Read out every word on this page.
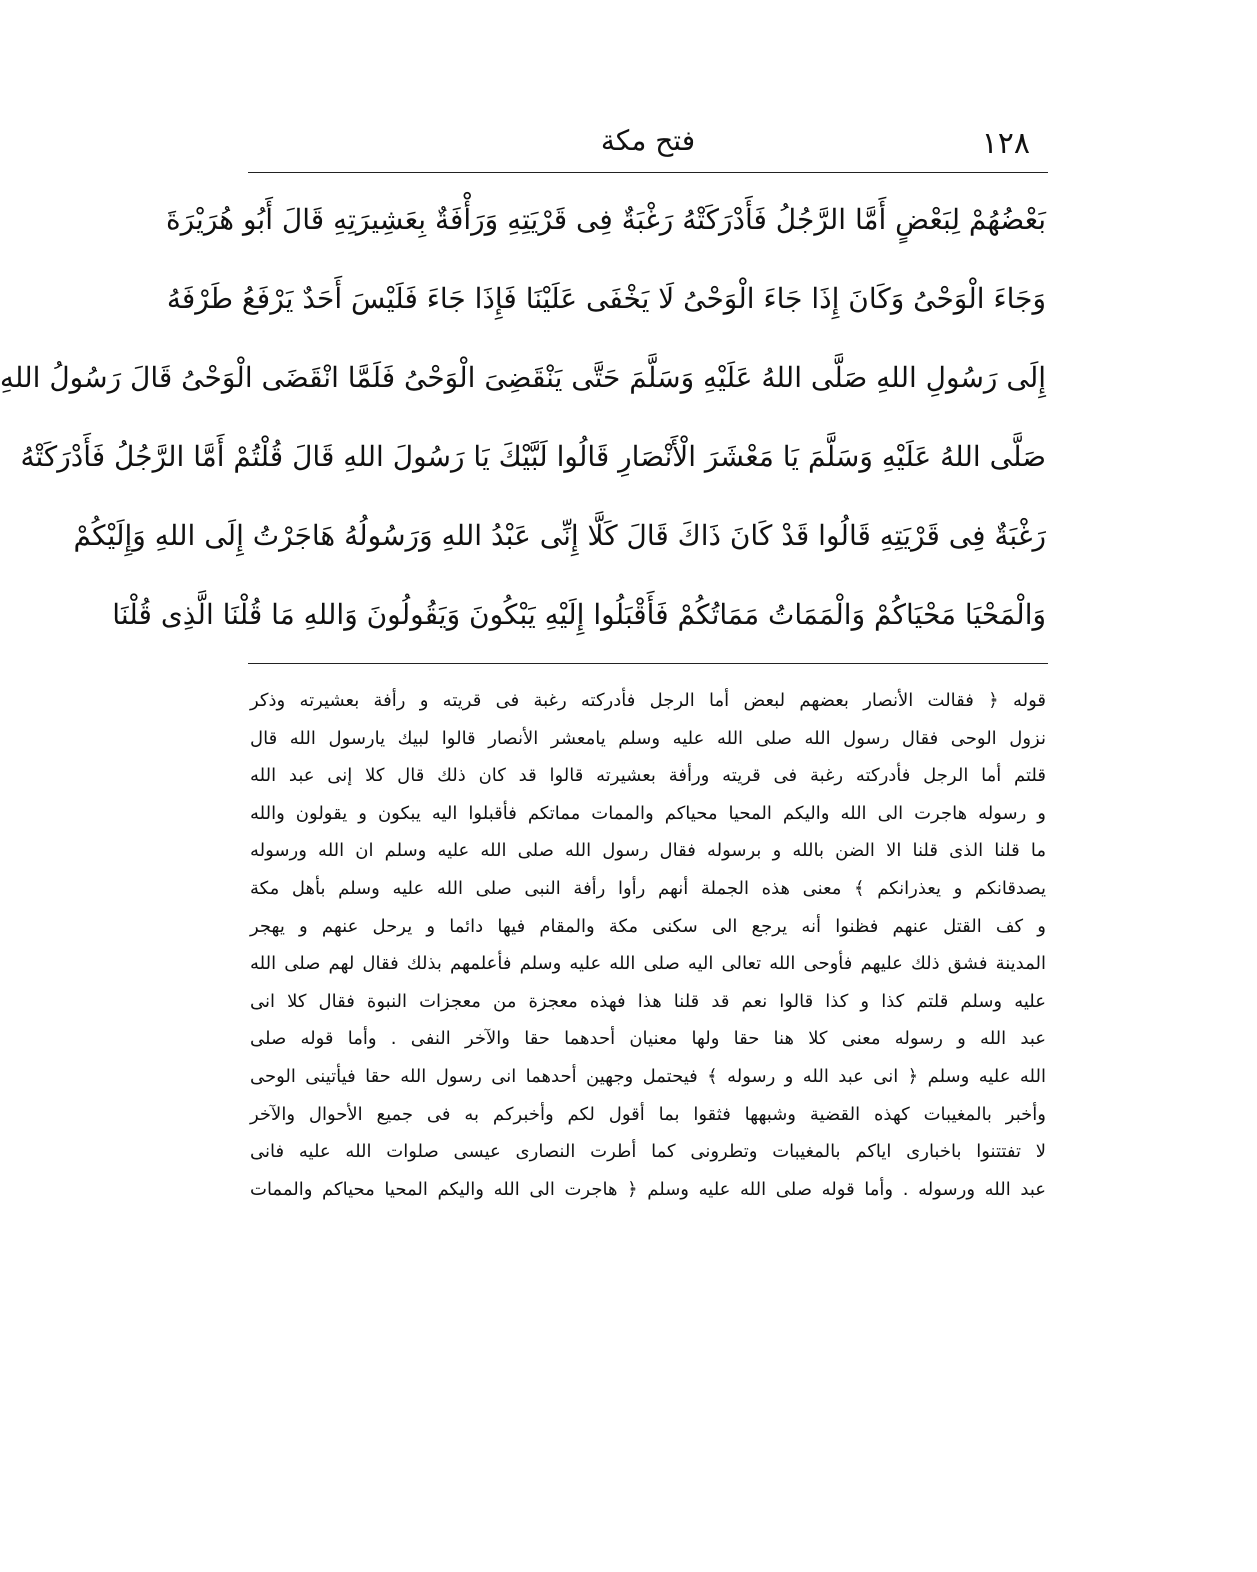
١٢٨
فتح مكة
بَعْضُهُمْ لِبَعْضٍ أَمَّا الرَّجُلُ فَأَدْرَكَتْهُ رَغْبَةٌ فِى قَرْيَتِهِ وَرَأْفَةٌ بِعَشِيرَتِهِ قَالَ أَبُو هُرَيْرَةَ
وَجَاءَ الْوَحْىُ وَكَانَ إِذَا جَاءَ الْوَحْىُ لَا يَخْفَى عَلَيْنَا فَإِذَا جَاءَ فَلَيْسَ أَحَدٌ يَرْفَعُ طَرْفَهُ
إِلَى رَسُولِ اللهِ صَلَّى اللهُ عَلَيْهِ وَسَلَّمَ حَتَّى يَنْقَضِىَ الْوَحْىُ فَلَمَّا انْقَضَى الْوَحْىُ قَالَ رَسُولُ اللهِ
صَلَّى اللهُ عَلَيْهِ وَسَلَّمَ يَا مَعْشَرَ الْأَنْصَارِ قَالُوا لَبَّيْكَ يَا رَسُولَ اللهِ قَالَ قُلْتُمْ أَمَّا الرَّجُلُ فَأَدْرَكَتْهُ
رَغْبَةٌ فِى قَرْيَتِهِ قَالُوا قَدْ كَانَ ذَاكَ قَالَ كَلَّا إِنِّى عَبْدُ اللهِ وَرَسُولُهُ هَاجَرْتُ إِلَى اللهِ وَإِلَيْكُمْ
وَالْمَحْيَا مَحْيَاكُمْ وَالْمَمَاتُ مَمَاتُكُمْ فَأَقْبَلُوا إِلَيْهِ يَبْكُونَ وَيَقُولُونَ وَاللهِ مَا قُلْنَا الَّذِى قُلْنَا
قوله ﴿ فقالت الأنصار بعضهم لبعض أما الرجل فأدركته رغبة فى قريته و رأفة بعشيرته وذكر
نزول الوحى فقال رسول الله صلى الله عليه وسلم يامعشر الأنصار قالوا لبيك يارسول الله قال
قلتم أما الرجل فأدركته رغبة فى قريته ورأفة بعشيرته قالوا قد كان ذلك قال كلا إنى عبد الله
و رسوله هاجرت الى الله واليكم المحيا محياكم والممات مماتكم فأقبلوا اليه يبكون و يقولون والله
ما قلنا الذى قلنا الا الضن بالله و برسوله فقال رسول الله صلى الله عليه وسلم ان الله ورسوله
يصدقانكم و يعذرانكم ﴾ معنى هذه الجملة أنهم رأوا رأفة النبى صلى الله عليه وسلم بأهل مكة
و كف القتل عنهم فظنوا أنه يرجع الى سكنى مكة والمقام فيها دائما و يرحل عنهم و يهجر
المدينة فشق ذلك عليهم فأوحى الله تعالى اليه صلى الله عليه وسلم فأعلمهم بذلك فقال لهم صلى الله
عليه وسلم قلتم كذا و كذا قالوا نعم قد قلنا هذا فهذه معجزة من معجزات النبوة فقال كلا انى
عبد الله و رسوله معنى كلا هنا حقا ولها معنيان أحدهما حقا والآخر النفى . وأما قوله صلى
الله عليه وسلم ﴿ انى عبد الله و رسوله ﴾ فيحتمل وجهين أحدهما انى رسول الله حقا فيأتينى الوحى
وأخبر بالمغيبات كهذه القضية وشبهها فثقوا بما أقول لكم وأخبركم به فى جميع الأحوال والآخر
لا تفتتنوا باخبارى اياكم بالمغيبات وتطرونى كما أطرت النصارى عيسى صلوات الله عليه فانى
عبد الله ورسوله . وأما قوله صلى الله عليه وسلم ﴿ هاجرت الى الله واليكم المحيا محياكم والممات
